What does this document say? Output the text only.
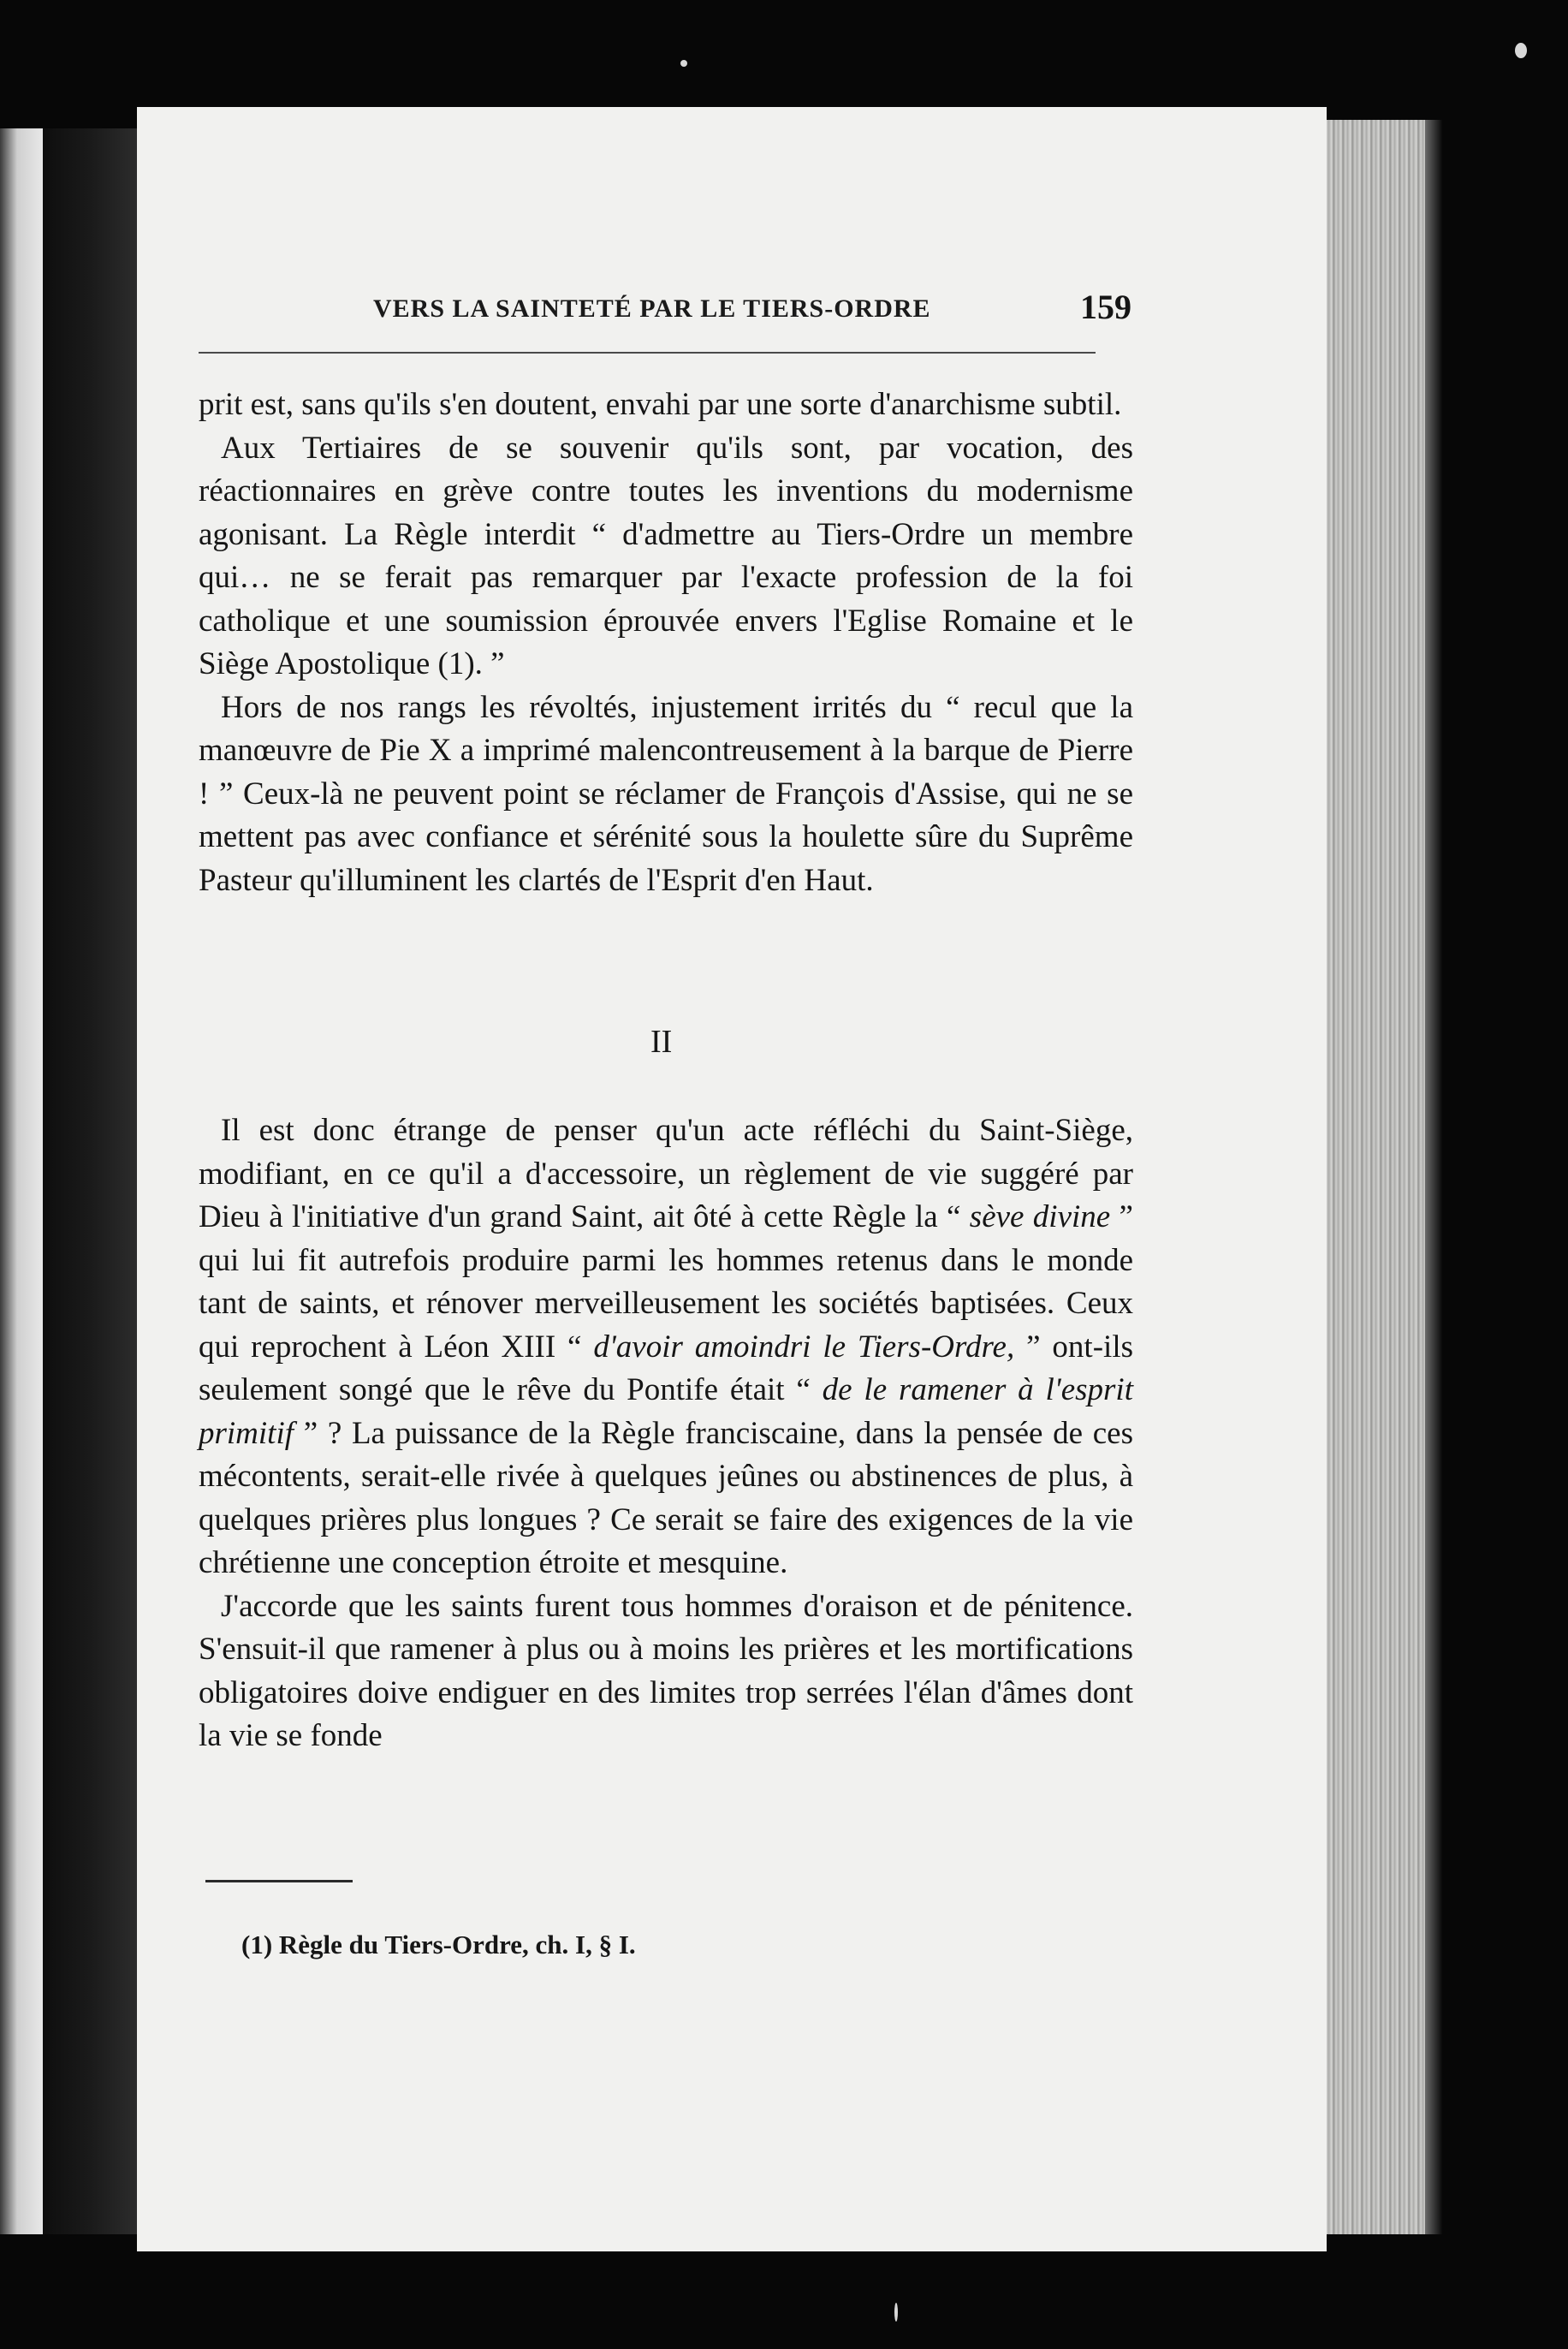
VERS LA SAINTETÉ PAR LE TIERS-ORDRE	159

prit est, sans qu'ils s'en doutent, envahi par une sorte d'anarchisme subtil.

Aux Tertiaires de se souvenir qu'ils sont, par vocation, des réactionnaires en grève contre toutes les inventions du modernisme agonisant. La Règle interdit “ d'admettre au Tiers-Ordre un membre qui… ne se ferait pas remarquer par l'exacte profession de la foi catholique et une soumission éprouvée envers l'Eglise Romaine et le Siège Apostolique (1). ”

Hors de nos rangs les révoltés, injustement irrités du “ recul que la manœuvre de Pie X a imprimé malencontreusement à la barque de Pierre ! ” Ceux-là ne peuvent point se réclamer de François d'Assise, qui ne se mettent pas avec confiance et sérénité sous la houlette sûre du Suprême Pasteur qu'illuminent les clartés de l'Esprit d'en Haut.

II

Il est donc étrange de penser qu'un acte réfléchi du Saint-Siège, modifiant, en ce qu'il a d'accessoire, un règlement de vie suggéré par Dieu à l'initiative d'un grand Saint, ait ôté à cette Règle la “ sève divine ” qui lui fit autrefois produire parmi les hommes retenus dans le monde tant de saints, et rénover merveilleusement les sociétés baptisées. Ceux qui reprochent à Léon XIII “ d'avoir amoindri le Tiers-Ordre, ” ont-ils seulement songé que le rêve du Pontife était “ de le ramener à l'esprit primitif ” ? La puissance de la Règle franciscaine, dans la pensée de ces mécontents, serait-elle rivée à quelques jeûnes ou abstinences de plus, à quelques prières plus longues ? Ce serait se faire des exigences de la vie chrétienne une conception étroite et mesquine.

J'accorde que les saints furent tous hommes d'oraison et de pénitence. S'ensuit-il que ramener à plus ou à moins les prières et les mortifications obligatoires doive endiguer en des limites trop serrées l'élan d'âmes dont la vie se fonde

(1) Règle du Tiers-Ordre, ch. I, § I.
